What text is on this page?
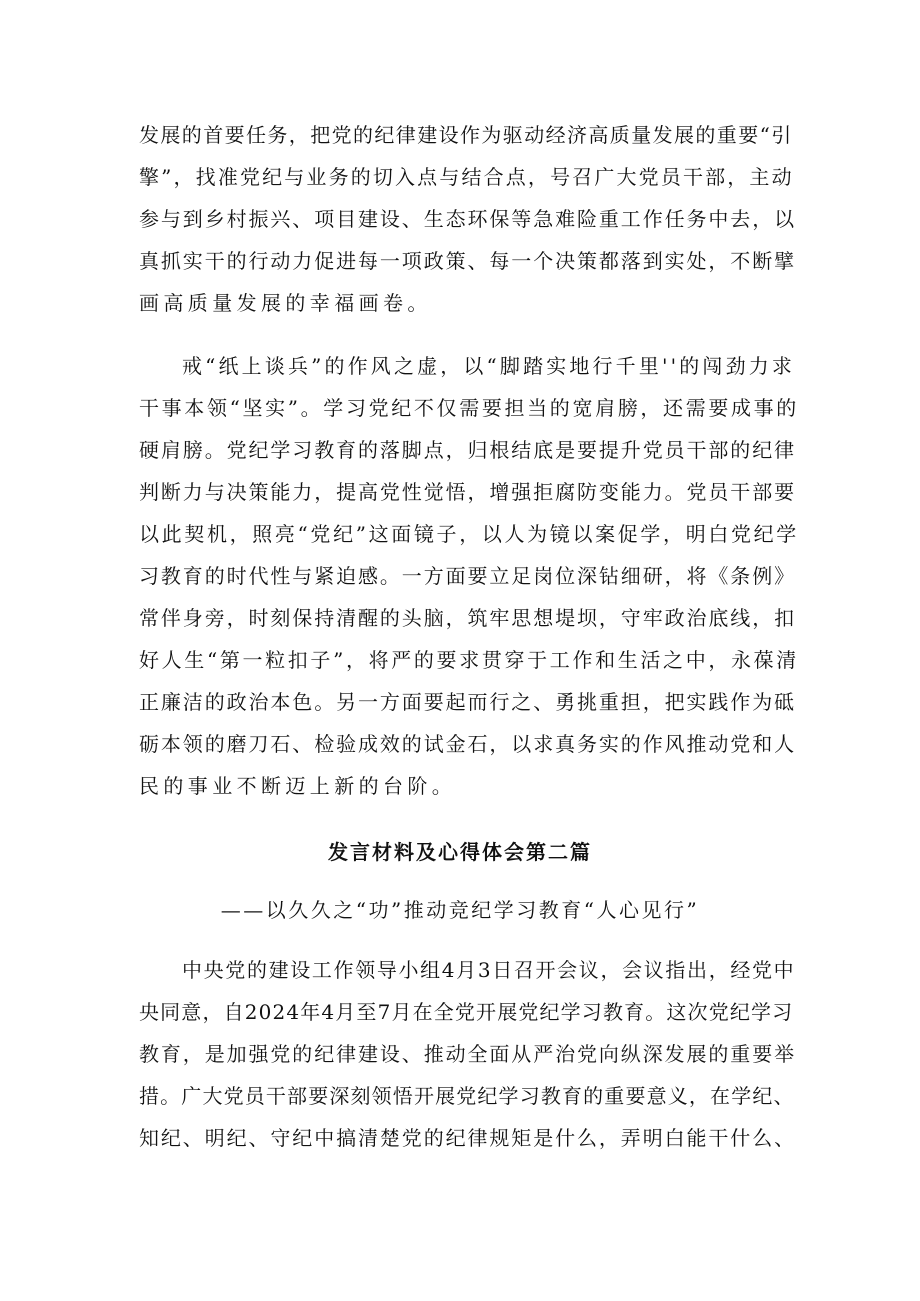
发展的首要任务，把党的纪律建设作为驱动经济高质量发展的重要“引
擎”，找准党纪与业务的切入点与结合点，号召广大党员干部，主动
参与到乡村振兴、项目建设、生态环保等急难险重工作任务中去，以
真抓实干的行动力促进每一项政策、每一个决策都落到实处，不断擘
画高质量发展的幸福画卷。
戒“纸上谈兵”的作风之虚，以“脚踏实地行千里''的闯劲力求
干事本领“坚实”。学习党纪不仅需要担当的宽肩膀，还需要成事的
硬肩膀。党纪学习教育的落脚点，归根结底是要提升党员干部的纪律
判断力与决策能力，提高党性觉悟，增强拒腐防变能力。党员干部要
以此契机，照亮“党纪”这面镜子，以人为镜以案促学，明白党纪学
习教育的时代性与紧迫感。一方面要立足岗位深钻细研，将《条例》
常伴身旁，时刻保持清醒的头脑，筑牢思想堤坝，守牢政治底线，扣
好人生“第一粒扣子”，将严的要求贯穿于工作和生活之中，永葆清
正廉洁的政治本色。另一方面要起而行之、勇挑重担，把实践作为砥
砺本领的磨刀石、检验成效的试金石，以求真务实的作风推动党和人
民的事业不断迈上新的台阶。
发言材料及心得体会第二篇
——以久久之“功”推动竞纪学习教育“人心见行”
中央党的建设工作领导小组4月3日召开会议，会议指出，经党中
央同意，自2024年4月至7月在全党开展党纪学习教育。这次党纪学习
教育，是加强党的纪律建设、推动全面从严治党向纵深发展的重要举
措。广大党员干部要深刻领悟开展党纪学习教育的重要意义，在学纪、
知纪、明纪、守纪中搞清楚党的纪律规矩是什么，弄明白能干什么、
